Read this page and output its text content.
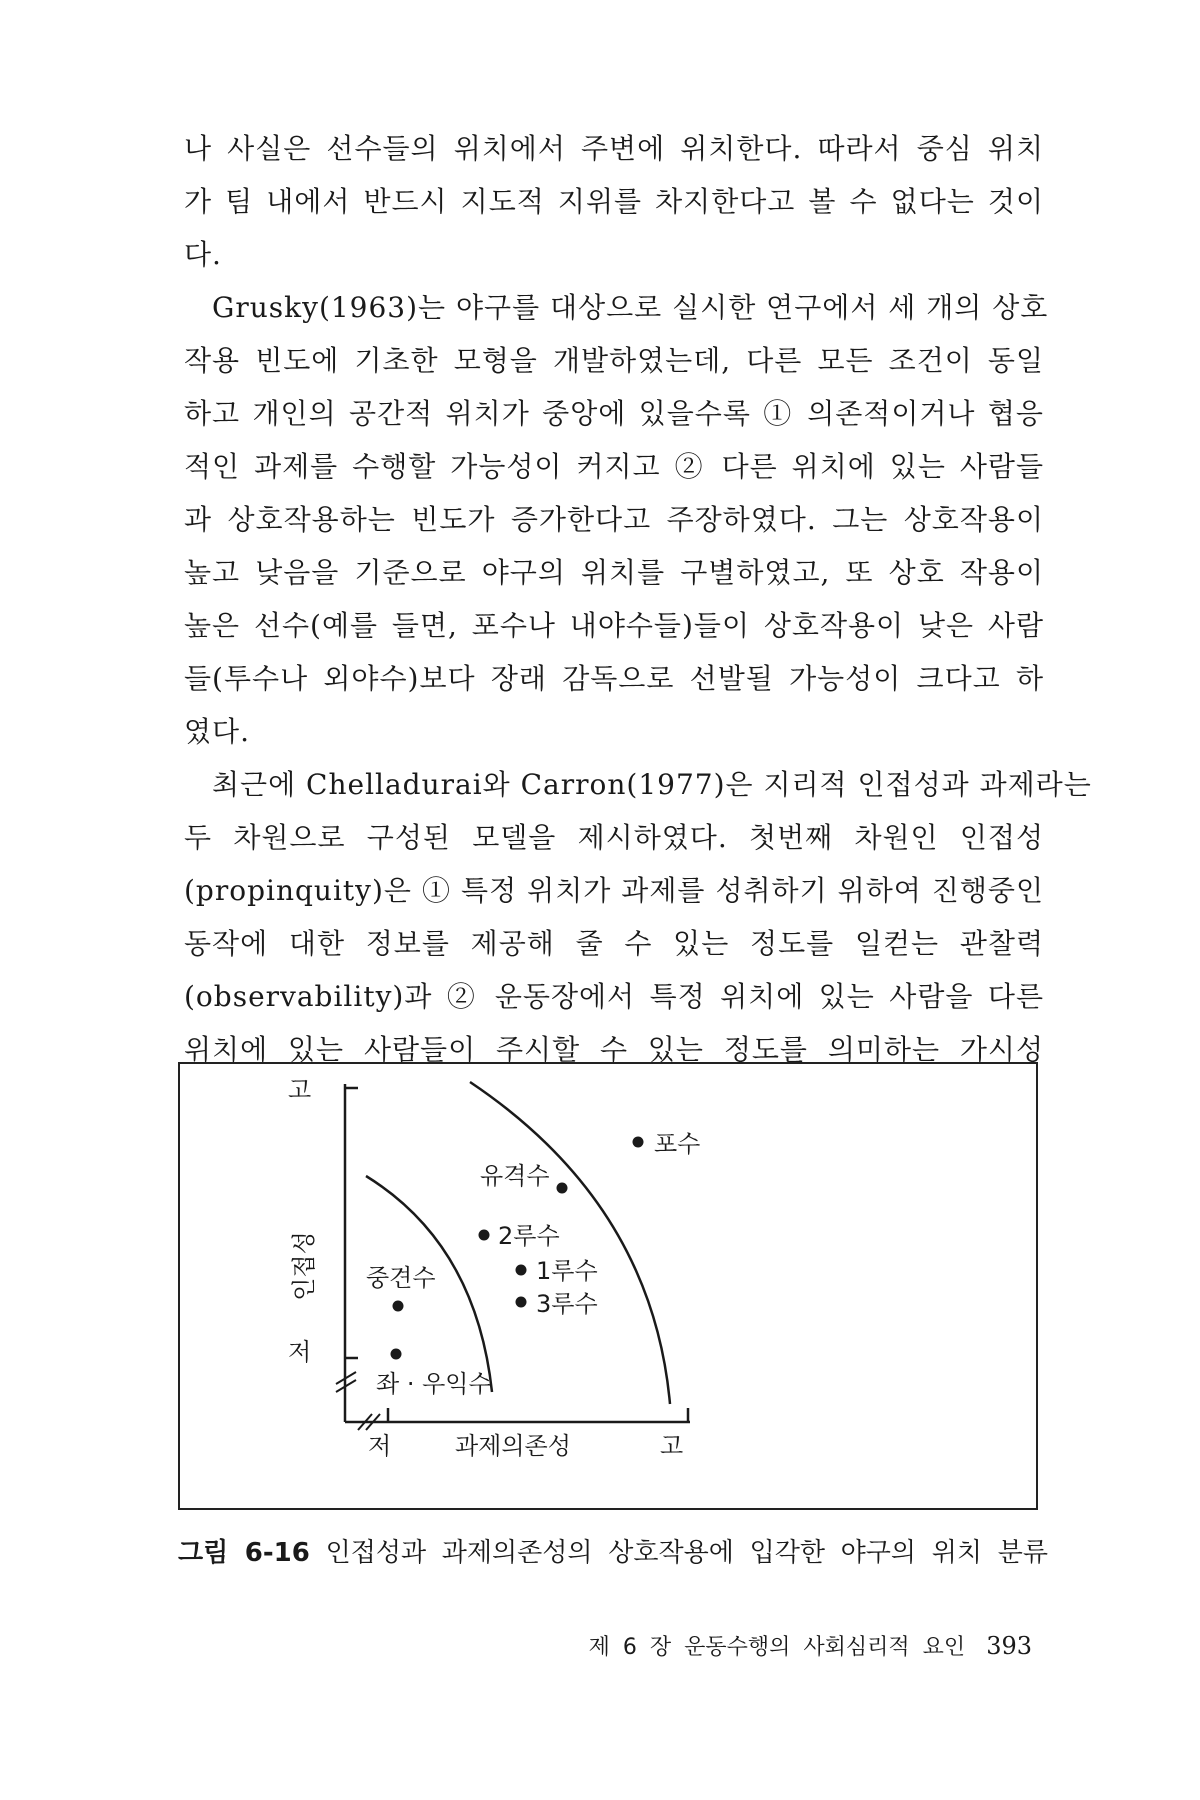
나 사실은 선수들의 위치에서 주변에 위치한다. 따라서 중심 위치
가 팀 내에서 반드시 지도적 지위를 차지한다고 볼 수 없다는 것이
다.
Grusky(1963)는 야구를 대상으로 실시한 연구에서 세 개의 상호
작용 빈도에 기초한 모형을 개발하였는데, 다른 모든 조건이 동일
하고 개인의 공간적 위치가 중앙에 있을수록 ① 의존적이거나 협응
적인 과제를 수행할 가능성이 커지고 ② 다른 위치에 있는 사람들
과 상호작용하는 빈도가 증가한다고 주장하였다. 그는 상호작용이
높고 낮음을 기준으로 야구의 위치를 구별하였고, 또 상호 작용이
높은 선수(예를 들면, 포수나 내야수들)들이 상호작용이 낮은 사람
들(투수나 외야수)보다 장래 감독으로 선발될 가능성이 크다고 하
였다.
최근에 Chelladurai와 Carron(1977)은 지리적 인접성과 과제라는
두 차원으로 구성된 모델을 제시하였다. 첫번째 차원인 인접성
(propinquity)은 ① 특정 위치가 과제를 성취하기 위하여 진행중인
동작에 대한 정보를 제공해 줄 수 있는 정도를 일컫는 관찰력
(observability)과 ② 운동장에서 특정 위치에 있는 사람을 다른
위치에 있는 사람들이 주시할 수 있는 정도를 의미하는 가시성
고
저
인접성
저	과제의존성	고
포수
유격수
2루수
1루수
3루수
중견수
좌 · 우익수
그림 6-16 인접성과 과제의존성의 상호작용에 입각한 야구의 위치 분류
제 6 장 운동수행의 사회심리적 요인 393
